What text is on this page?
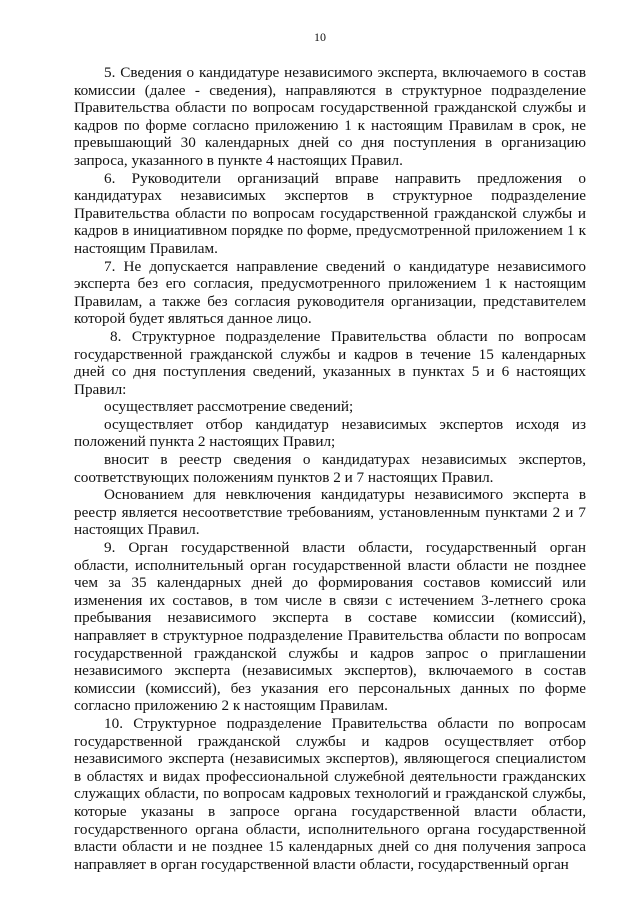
10

5. Сведения о кандидатуре независимого эксперта, включаемого в состав комиссии (далее - сведения), направляются в структурное подразделение Правительства области по вопросам государственной гражданской службы и кадров по форме согласно приложению 1 к настоящим Правилам в срок, не превышающий 30 календарных дней со дня поступления в организацию запроса, указанного в пункте 4 настоящих Правил.

6. Руководители организаций вправе направить предложения о кандидатурах независимых экспертов в структурное подразделение Правительства области по вопросам государственной гражданской службы и кадров в инициативном порядке по форме, предусмотренной приложением 1 к настоящим Правилам.

7. Не допускается направление сведений о кандидатуре независимого эксперта без его согласия, предусмотренного приложением 1 к настоящим Правилам, а также без согласия руководителя организации, представителем которой будет являться данное лицо.

8. Структурное подразделение Правительства области по вопросам государственной гражданской службы и кадров в течение 15 календарных дней со дня поступления сведений, указанных в пунктах 5 и 6 настоящих Правил:

осуществляет рассмотрение сведений;

осуществляет отбор кандидатур независимых экспертов исходя из положений пункта 2 настоящих Правил;

вносит в реестр сведения о кандидатурах независимых экспертов, соответствующих положениям пунктов 2 и 7 настоящих Правил.

Основанием для невключения кандидатуры независимого эксперта в реестр является несоответствие требованиям, установленным пунктами 2 и 7 настоящих Правил.

9. Орган государственной власти области, государственный орган области, исполнительный орган государственной власти области не позднее чем за 35 календарных дней до формирования составов комиссий или изменения их составов, в том числе в связи с истечением 3-летнего срока пребывания независимого эксперта в составе комиссии (комиссий), направляет в структурное подразделение Правительства области по вопросам государственной гражданской службы и кадров запрос о приглашении независимого эксперта (независимых экспертов), включаемого в состав комиссии (комиссий), без указания его персональных данных по форме согласно приложению 2 к настоящим Правилам.

10. Структурное подразделение Правительства области по вопросам государственной гражданской службы и кадров осуществляет отбор независимого эксперта (независимых экспертов), являющегося специалистом в областях и видах профессиональной служебной деятельности гражданских служащих области, по вопросам кадровых технологий и гражданской службы, которые указаны в запросе органа государственной власти области, государственного органа области, исполнительного органа государственной власти области и не позднее 15 календарных дней со дня получения запроса направляет в орган государственной власти области, государственный орган
